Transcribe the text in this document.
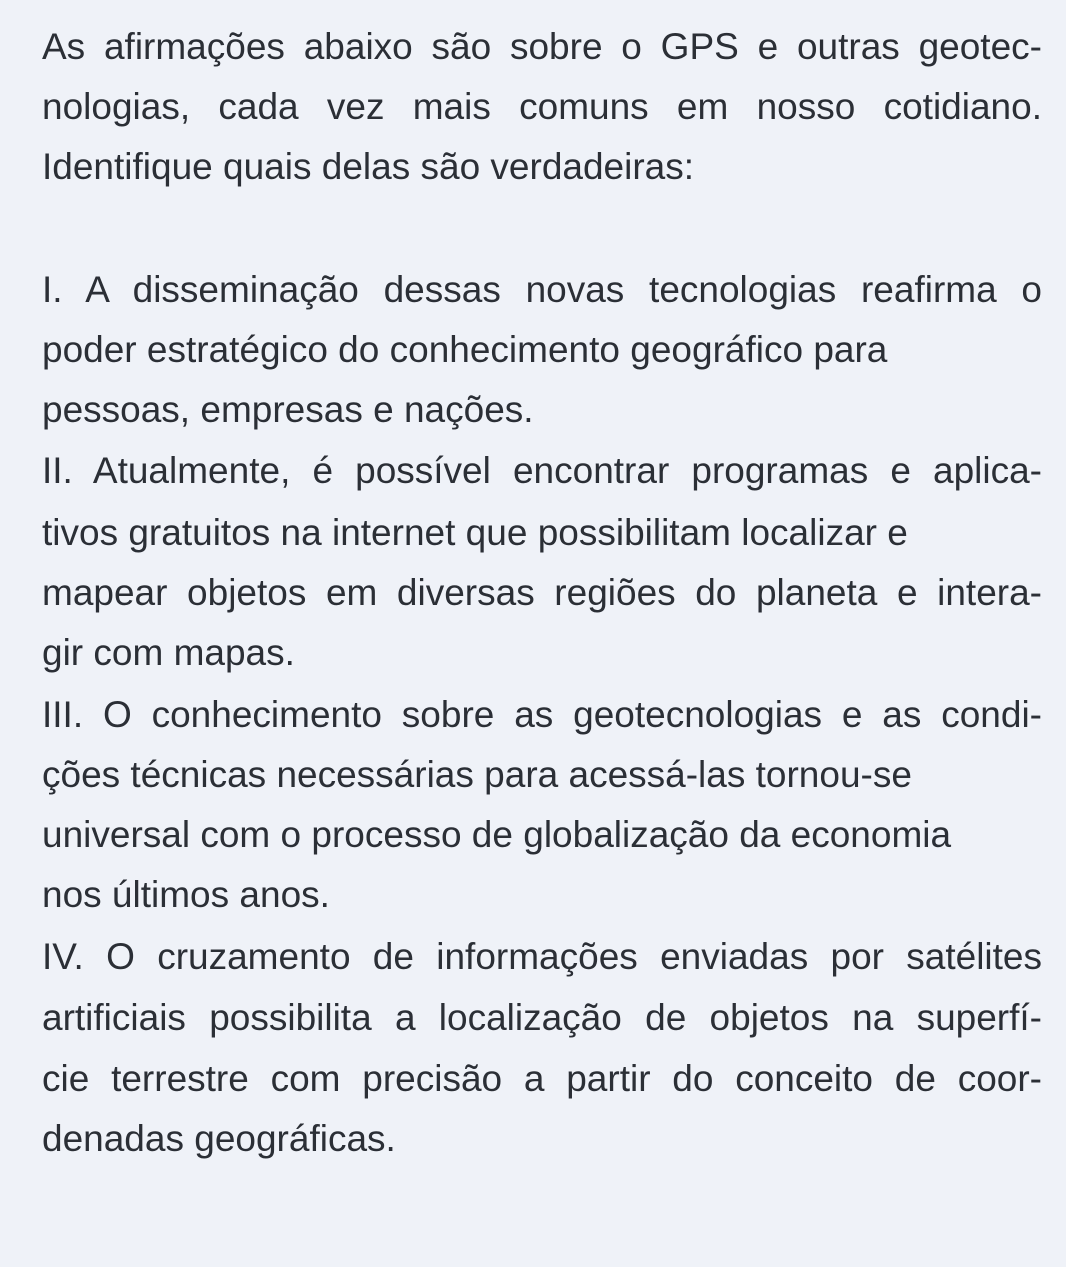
As afirmações abaixo são sobre o GPS e outras geotec-
nologias, cada vez mais comuns em nosso cotidiano.
Identifique quais delas são verdadeiras:
I. A disseminação dessas novas tecnologias reafirma o
poder estratégico do conhecimento geográfico para
pessoas, empresas e nações.
II. Atualmente, é possível encontrar programas e aplica-
tivos gratuitos na internet que possibilitam localizar e
mapear objetos em diversas regiões do planeta e intera-
gir com mapas.
III. O conhecimento sobre as geotecnologias e as condi-
ções técnicas necessárias para acessá-las tornou-se
universal com o processo de globalização da economia
nos últimos anos.
IV. O cruzamento de informações enviadas por satélites
artificiais possibilita a localização de objetos na superfí-
cie terrestre com precisão a partir do conceito de coor-
denadas geográficas.
